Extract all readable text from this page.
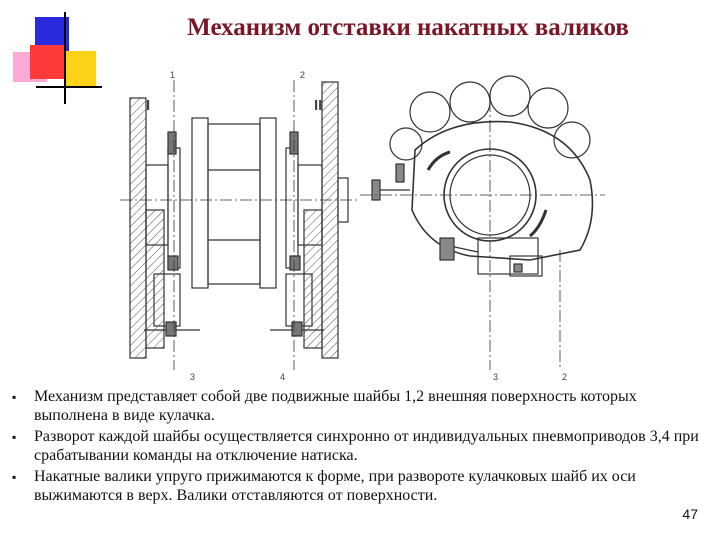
Механизм отставки накатных валиков
1	2
I	II
3	4	3	2
▪ Механизм представляет собой две подвижные шайбы 1,2 внешняя поверхность которых выполнена в виде кулачка.
▪ Разворот каждой шайбы осуществляется синхронно от индивидуальных пневмоприводов 3,4 при срабатывании команды на отключение натиска.
▪ Накатные валики упруго прижимаются к форме, при развороте кулачковых шайб их оси выжимаются в верх. Валики отставляются от поверхности.
47
